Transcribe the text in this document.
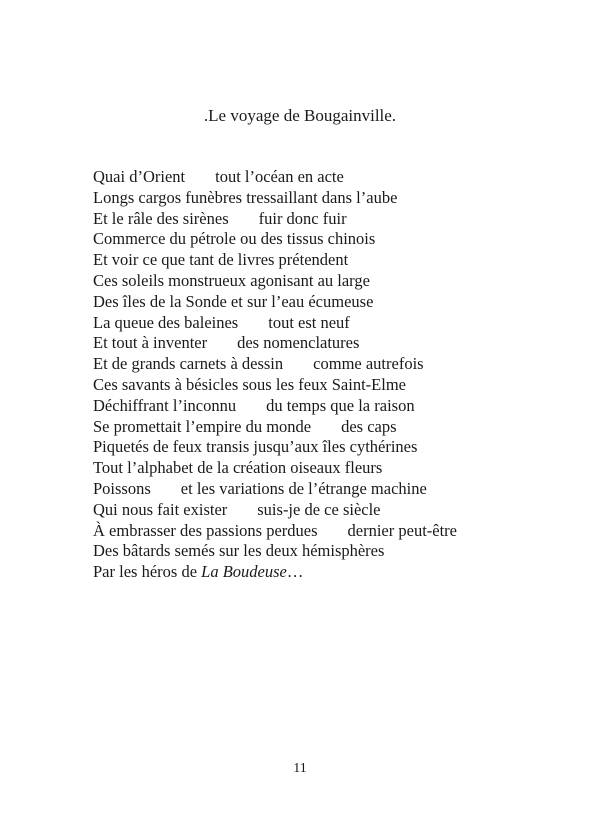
.Le voyage de Bougainville.
Quai d’Orient tout l’océan en acte
Longs cargos funèbres tressaillant dans l’aube
Et le râle des sirènes fuir donc fuir
Commerce du pétrole ou des tissus chinois
Et voir ce que tant de livres prétendent
Ces soleils monstrueux agonisant au large
Des îles de la Sonde et sur l’eau écumeuse
La queue des baleines tout est neuf
Et tout à inventer des nomenclatures
Et de grands carnets à dessin comme autrefois
Ces savants à bésicles sous les feux Saint-Elme
Déchiffrant l’inconnu du temps que la raison
Se promettait l’empire du monde des caps
Piquetés de feux transis jusqu’aux îles cythérines
Tout l’alphabet de la création oiseaux fleurs
Poissons et les variations de l’étrange machine
Qui nous fait exister suis-je de ce siècle
À embrasser des passions perdues dernier peut-être
Des bâtards semés sur les deux hémisphères
Par les héros de La Boudeuse…
11
